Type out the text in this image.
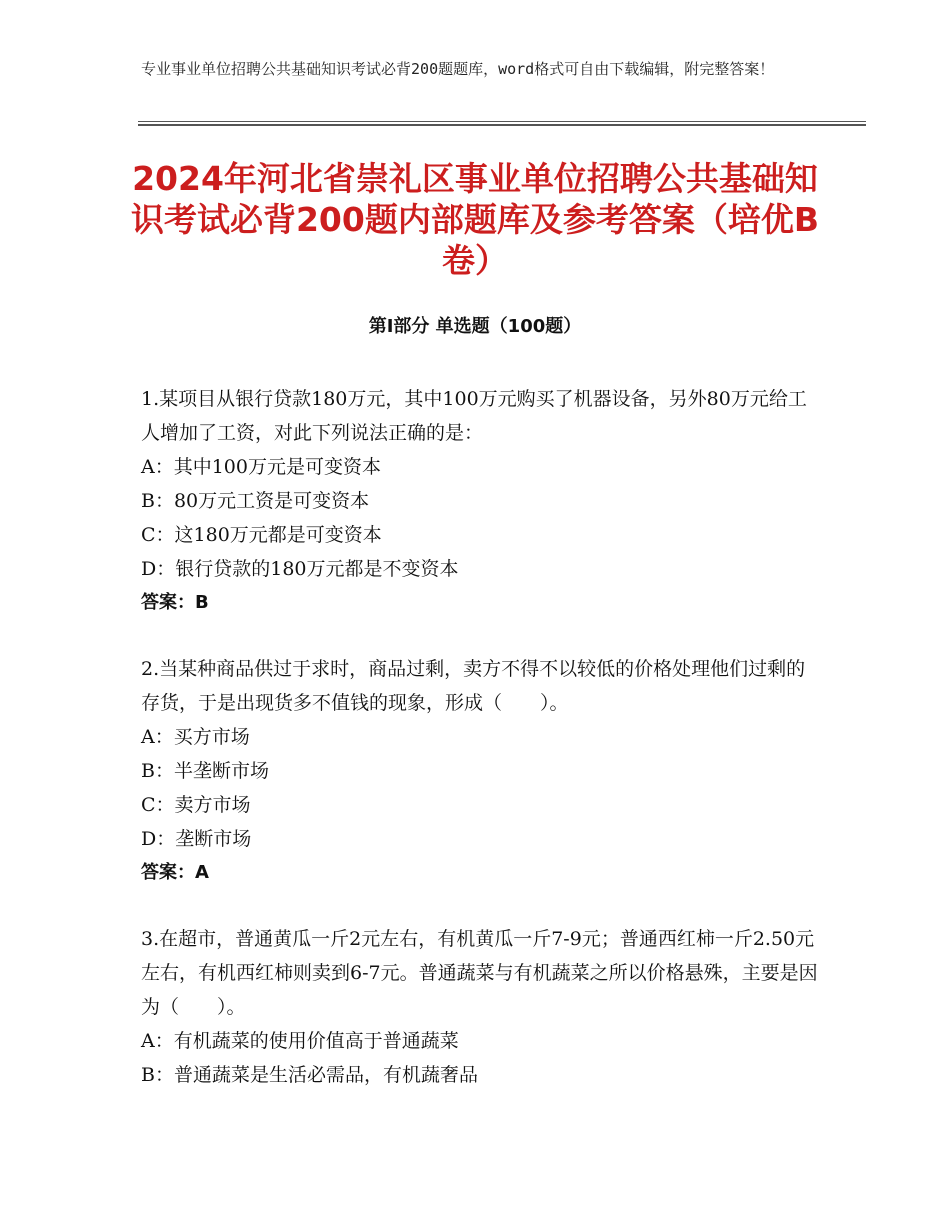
专业事业单位招聘公共基础知识考试必背200题题库，word格式可自由下载编辑，附完整答案！
2024年河北省崇礼区事业单位招聘公共基础知识考试必背200题内部题库及参考答案（培优B卷）
第Ⅰ部分 单选题（100题）
1.某项目从银行贷款180万元，其中100万元购买了机器设备，另外80万元给工人增加了工资，对此下列说法正确的是：
A：其中100万元是可变资本
B：80万元工资是可变资本
C：这180万元都是可变资本
D：银行贷款的180万元都是不变资本
答案：B
2.当某种商品供过于求时，商品过剩，卖方不得不以较低的价格处理他们过剩的存货，于是出现货多不值钱的现象，形成（　　）。
A：买方市场
B：半垄断市场
C：卖方市场
D：垄断市场
答案：A
3.在超市，普通黄瓜一斤2元左右，有机黄瓜一斤7-9元；普通西红柿一斤2.50元左右，有机西红柿则卖到6-7元。普通蔬菜与有机蔬菜之所以价格悬殊，主要是因为（　　）。
A：有机蔬菜的使用价值高于普通蔬菜
B：普通蔬菜是生活必需品，有机蔬奢品
